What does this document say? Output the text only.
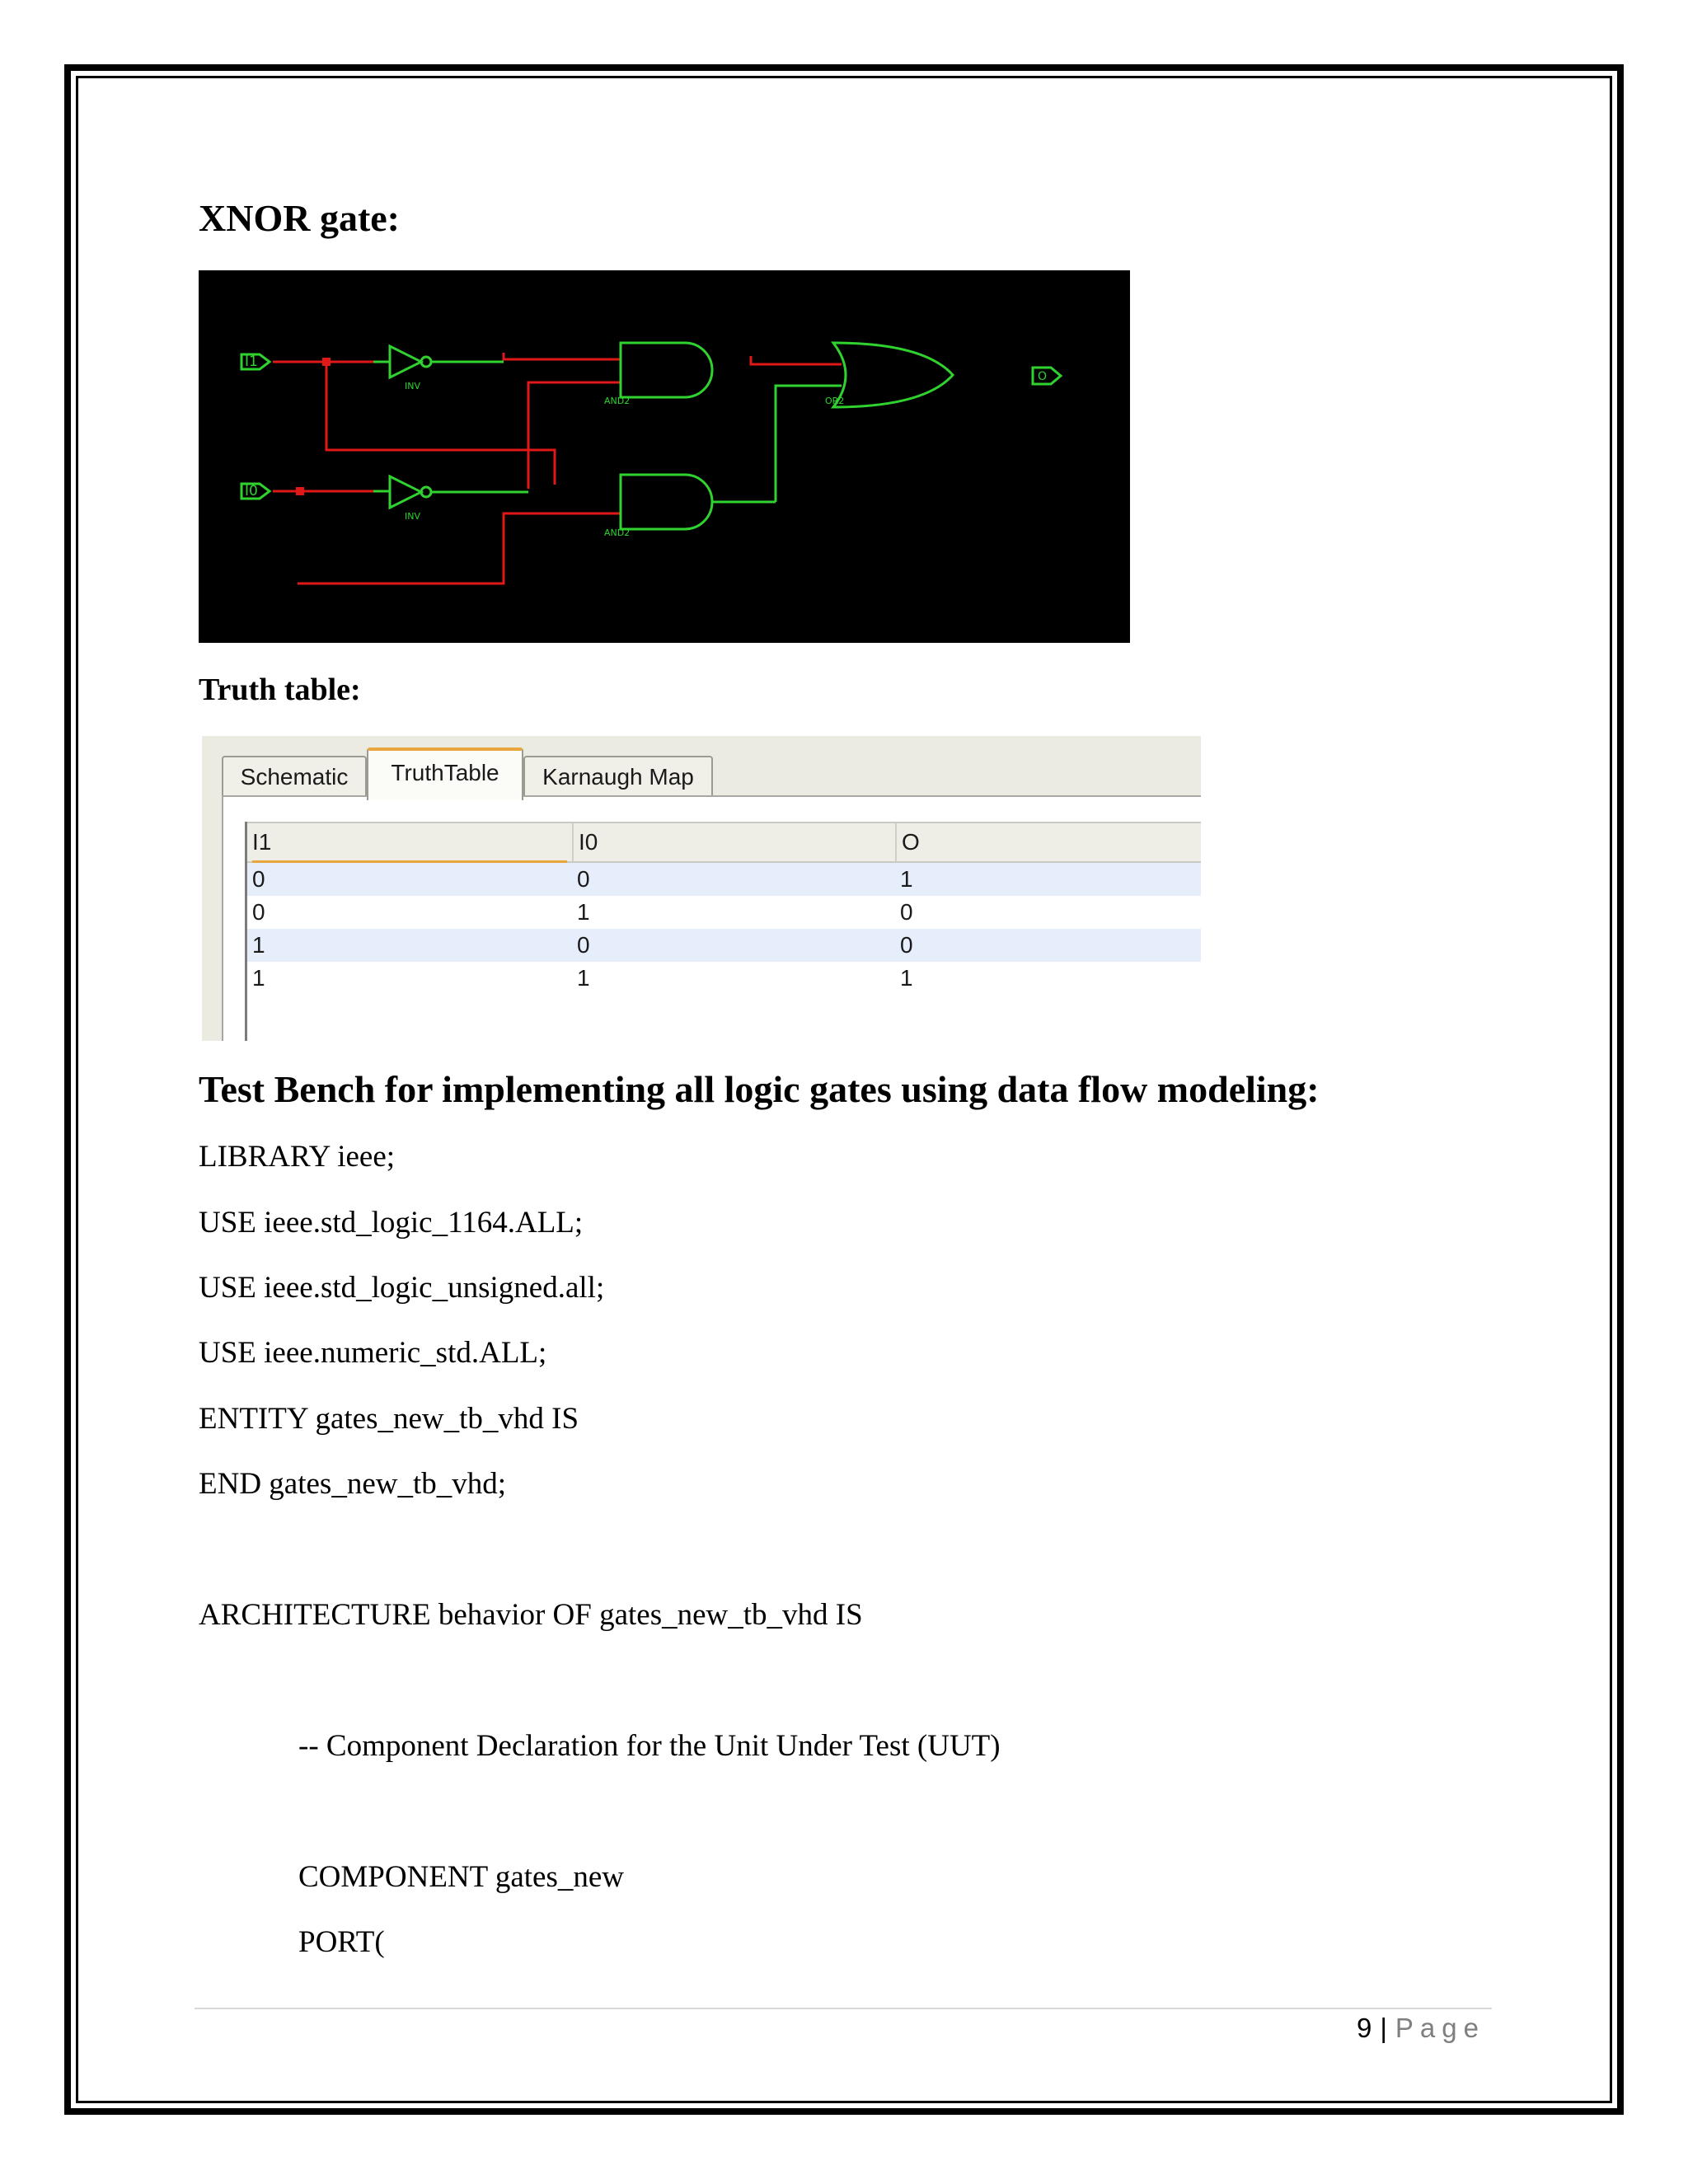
XNOR gate:
I1
I0
O
INV
INV
AND2
AND2
OR2
Truth table:
Schematic	TruthTable	Karnaugh Map
I1	I0	O
0	0	1
0	1	0
1	0	0
1	1	1
Test Bench for implementing all logic gates using data flow modeling:

LIBRARY ieee;

USE ieee.std_logic_1164.ALL;

USE ieee.std_logic_unsigned.all;

USE ieee.numeric_std.ALL;

ENTITY gates_new_tb_vhd IS

END gates_new_tb_vhd;

ARCHITECTURE behavior OF gates_new_tb_vhd IS

-- Component Declaration for the Unit Under Test (UUT)

COMPONENT gates_new

PORT(

9 | Page
